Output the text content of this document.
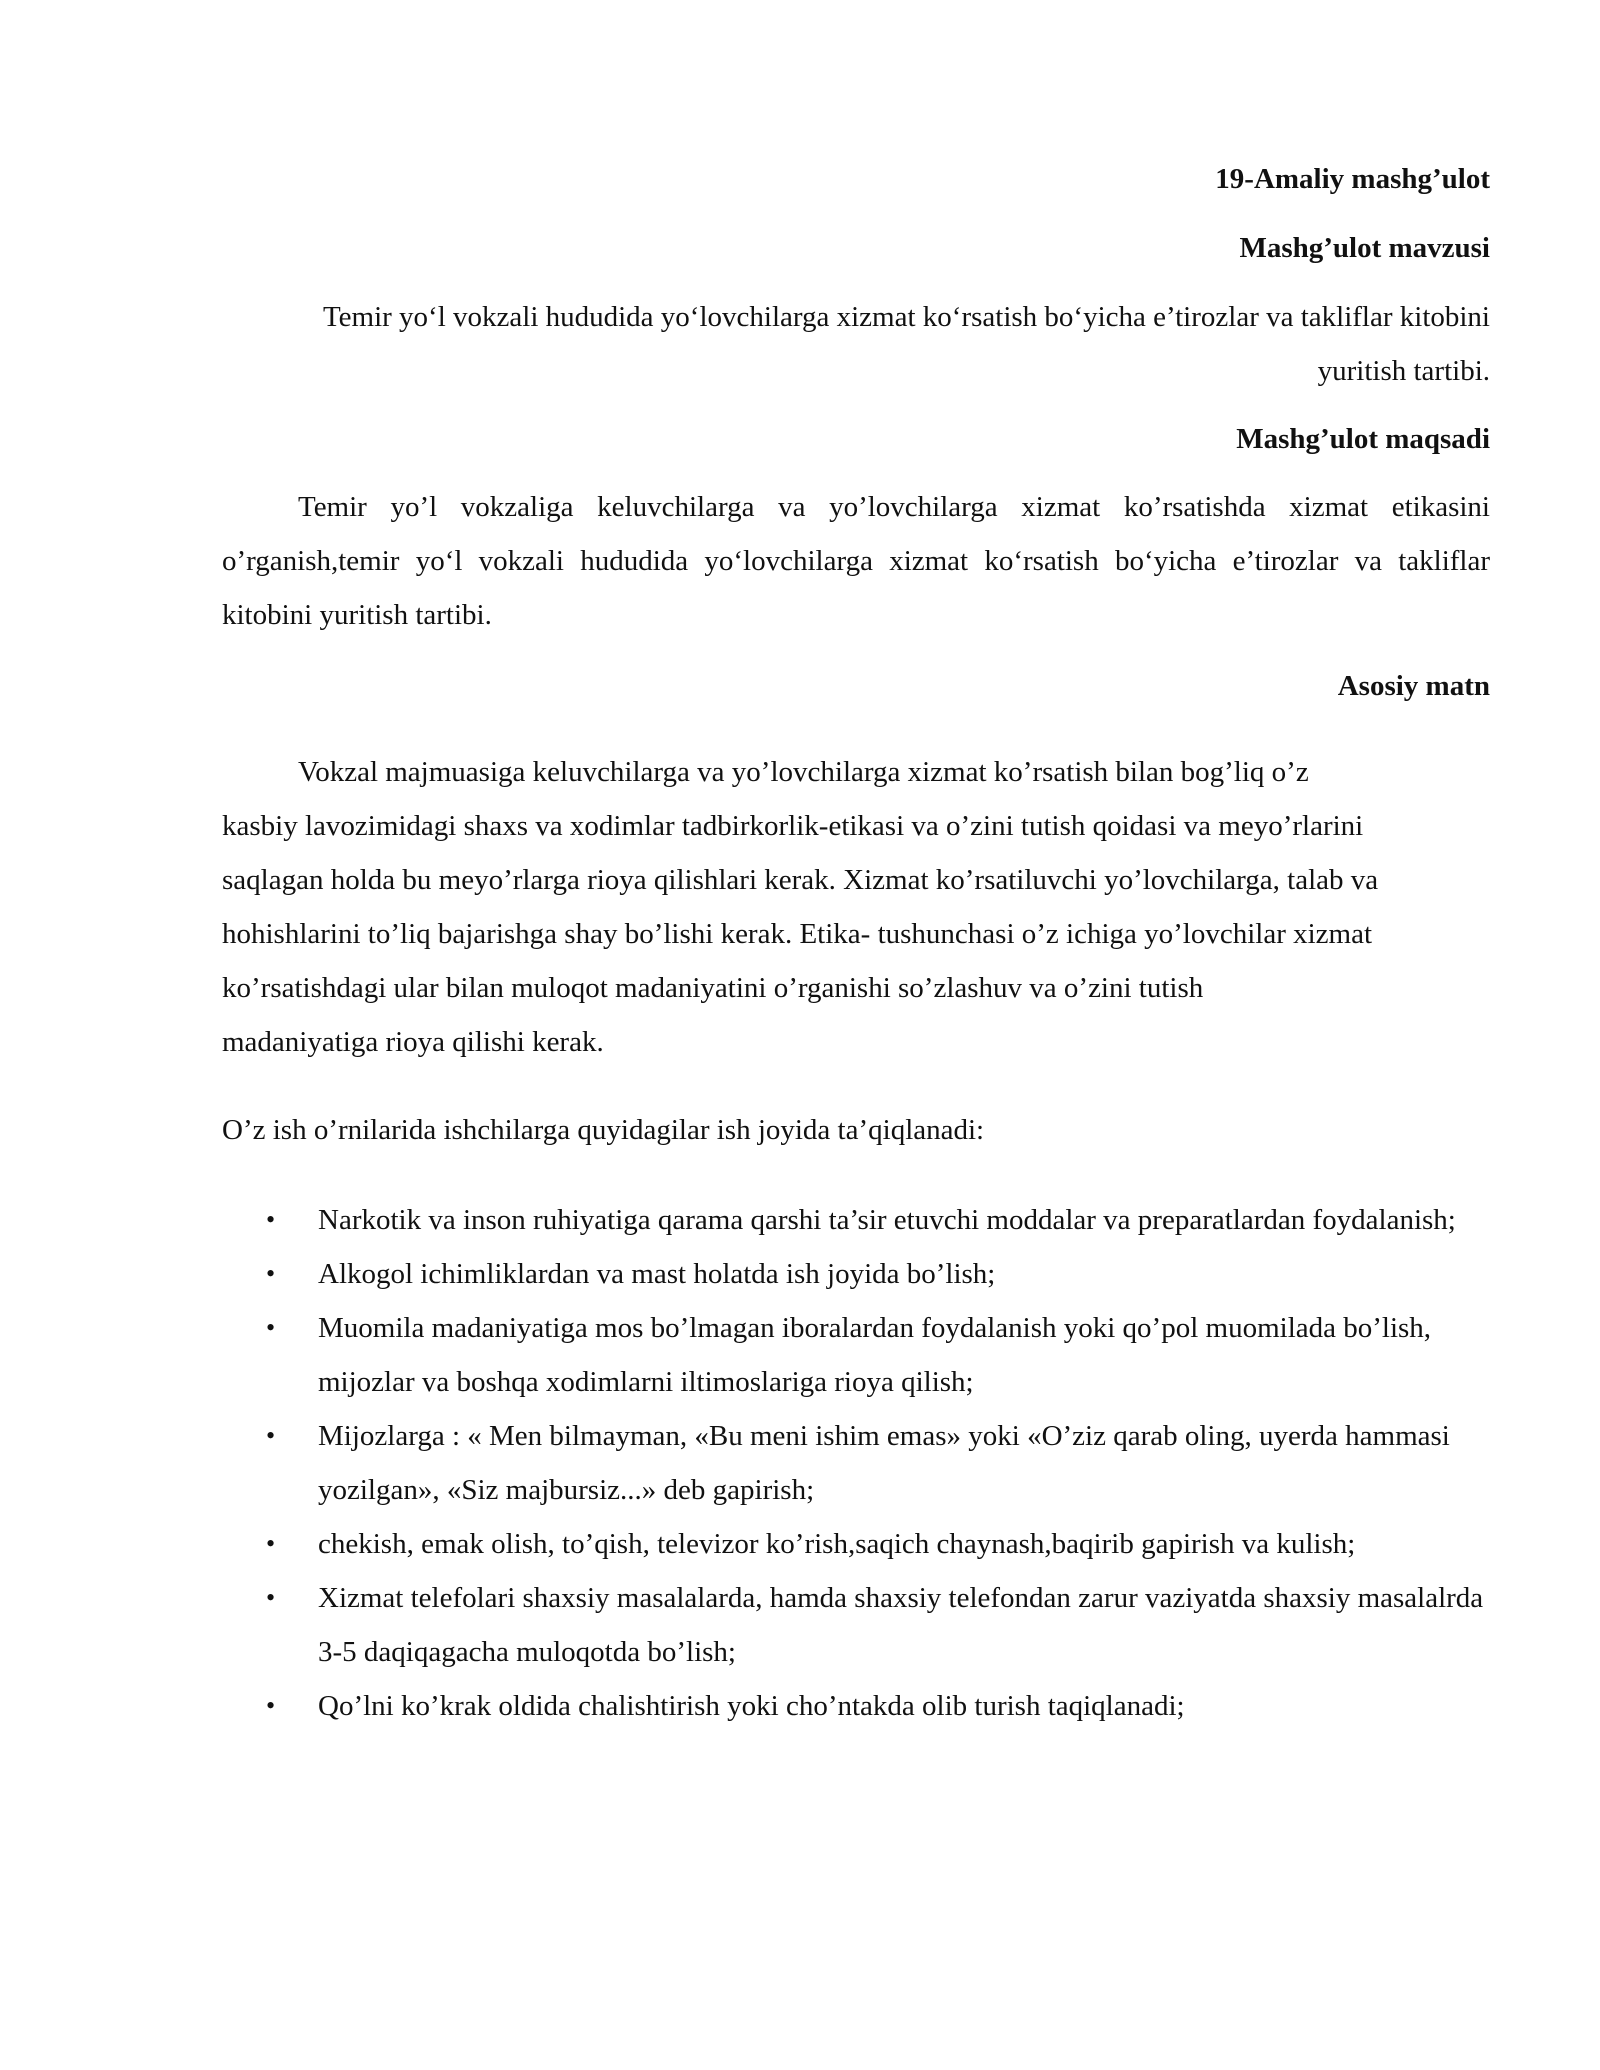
19-Amaliy mashg’ulot
Mashg’ulot mavzusi
Temir yo‘l vokzali hududida yo‘lovchilarga xizmat ko‘rsatish bo‘yicha e’tirozlar va takliflar kitobini yuritish tartibi.
Mashg’ulot maqsadi
Temir yo’l vokzaliga keluvchilarga va yo’lovchilarga xizmat ko’rsatishda xizmat etikasini o’rganish,temir yo‘l vokzali hududida yo‘lovchilarga xizmat ko‘rsatish bo‘yicha e’tirozlar va takliflar kitobini yuritish tartibi.
Asosiy matn
Vokzal majmuasiga keluvchilarga va yo’lovchilarga xizmat ko’rsatish bilan bog’liq o’z
kasbiy lavozimidagi shaxs va xodimlar tadbirkorlik-etikasi va o’zini tutish qoidasi va meyo’rlarini
saqlagan holda bu meyo’rlarga rioya qilishlari kerak. Xizmat ko’rsatiluvchi yo’lovchilarga, talab va
hohishlarini to’liq bajarishga shay bo’lishi kerak. Etika- tushunchasi o’z ichiga yo’lovchilar xizmat
ko’rsatishdagi ular bilan muloqot madaniyatini o’rganishi so’zlashuv va o’zini tutish
madaniyatiga rioya qilishi kerak.
O’z ish o’rnilarida ishchilarga quyidagilar ish joyida ta’qiqlanadi:
• Narkotik va inson ruhiyatiga qarama qarshi ta’sir etuvchi moddalar va preparatlardan foydalanish;
• Alkogol ichimliklardan va mast holatda ish joyida bo’lish;
• Muomila madaniyatiga mos bo’lmagan iboralardan foydalanish yoki qo’pol muomilada bo’lish, mijozlar va boshqa xodimlarni iltimoslariga rioya qilish;
• Mijozlarga : « Men bilmayman, «Bu meni ishim emas» yoki «O’ziz qarab oling, uyerda hammasi yozilgan», «Siz majbursiz...» deb gapirish;
• chekish, emak olish, to’qish, televizor ko’rish,saqich chaynash,baqirib gapirish va kulish;
• Xizmat telefolari shaxsiy masalalarda, hamda shaxsiy telefondan zarur vaziyatda shaxsiy masalalrda 3-5 daqiqagacha muloqotda bo’lish;
• Qo’lni ko’krak oldida chalishtirish yoki cho’ntakda olib turish taqiqlanadi;
